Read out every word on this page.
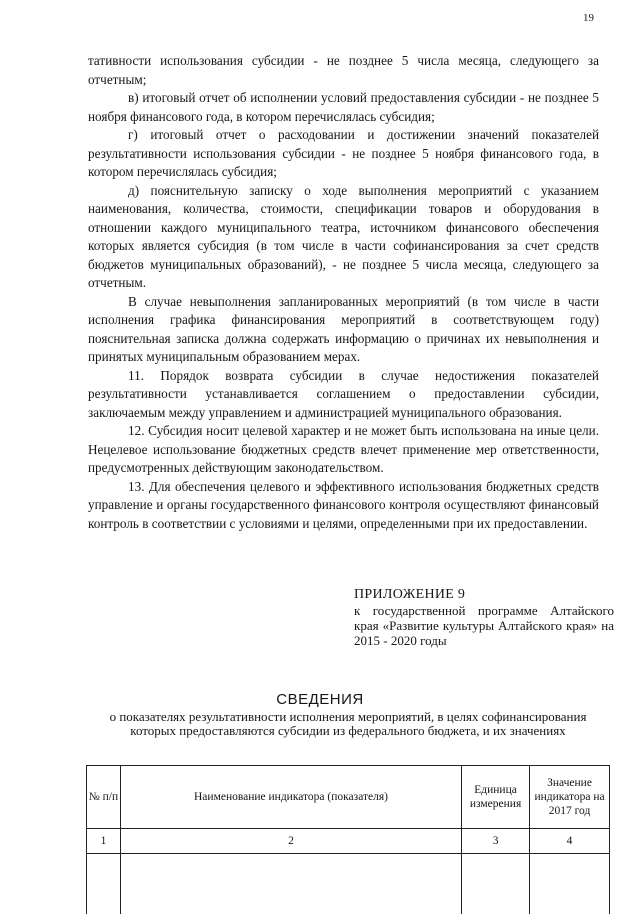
19

тативности использования субсидии - не позднее 5 числа месяца, следующего за отчетным;

в) итоговый отчет об исполнении условий предоставления субсидии - не позднее 5 ноября финансового года, в котором перечислялась субсидия;

г) итоговый отчет о расходовании и достижении значений показателей результативности использования субсидии - не позднее 5 ноября финансового года, в котором перечислялась субсидия;

д) пояснительную записку о ходе выполнения мероприятий с указанием наименования, количества, стоимости, спецификации товаров и оборудования в отношении каждого муниципального театра, источником финансового обеспечения которых является субсидия (в том числе в части софинансирования за счет средств бюджетов муниципальных образований), - не позднее 5 числа месяца, следующего за отчетным.

В случае невыполнения запланированных мероприятий (в том числе в части исполнения графика финансирования мероприятий в соответствующем году) пояснительная записка должна содержать информацию о причинах их невыполнения и принятых муниципальным образованием мерах.

11. Порядок возврата субсидии в случае недостижения показателей результативности устанавливается соглашением о предоставлении субсидии, заключаемым между управлением и администрацией муниципального образования.

12. Субсидия носит целевой характер и не может быть использована на иные цели. Нецелевое использование бюджетных средств влечет применение мер ответственности, предусмотренных действующим законодательством.

13. Для обеспечения целевого и эффективного использования бюджетных средств управление и органы государственного финансового контроля осуществляют финансовый контроль в соответствии с условиями и целями, определенными при их предоставлении.

ПРИЛОЖЕНИЕ 9
к государственной программе Алтайского края «Развитие культуры Алтайского края» на 2015 - 2020 годы
СВЕДЕНИЯ
о показателях результативности исполнения мероприятий, в целях софинансирования которых предоставляются субсидии из федерального бюджета, и их значениях
№ п/п	Наименование индикатора (показателя)	Единица измерения	Значение индикатора на 2017 год
1	2	3	4
